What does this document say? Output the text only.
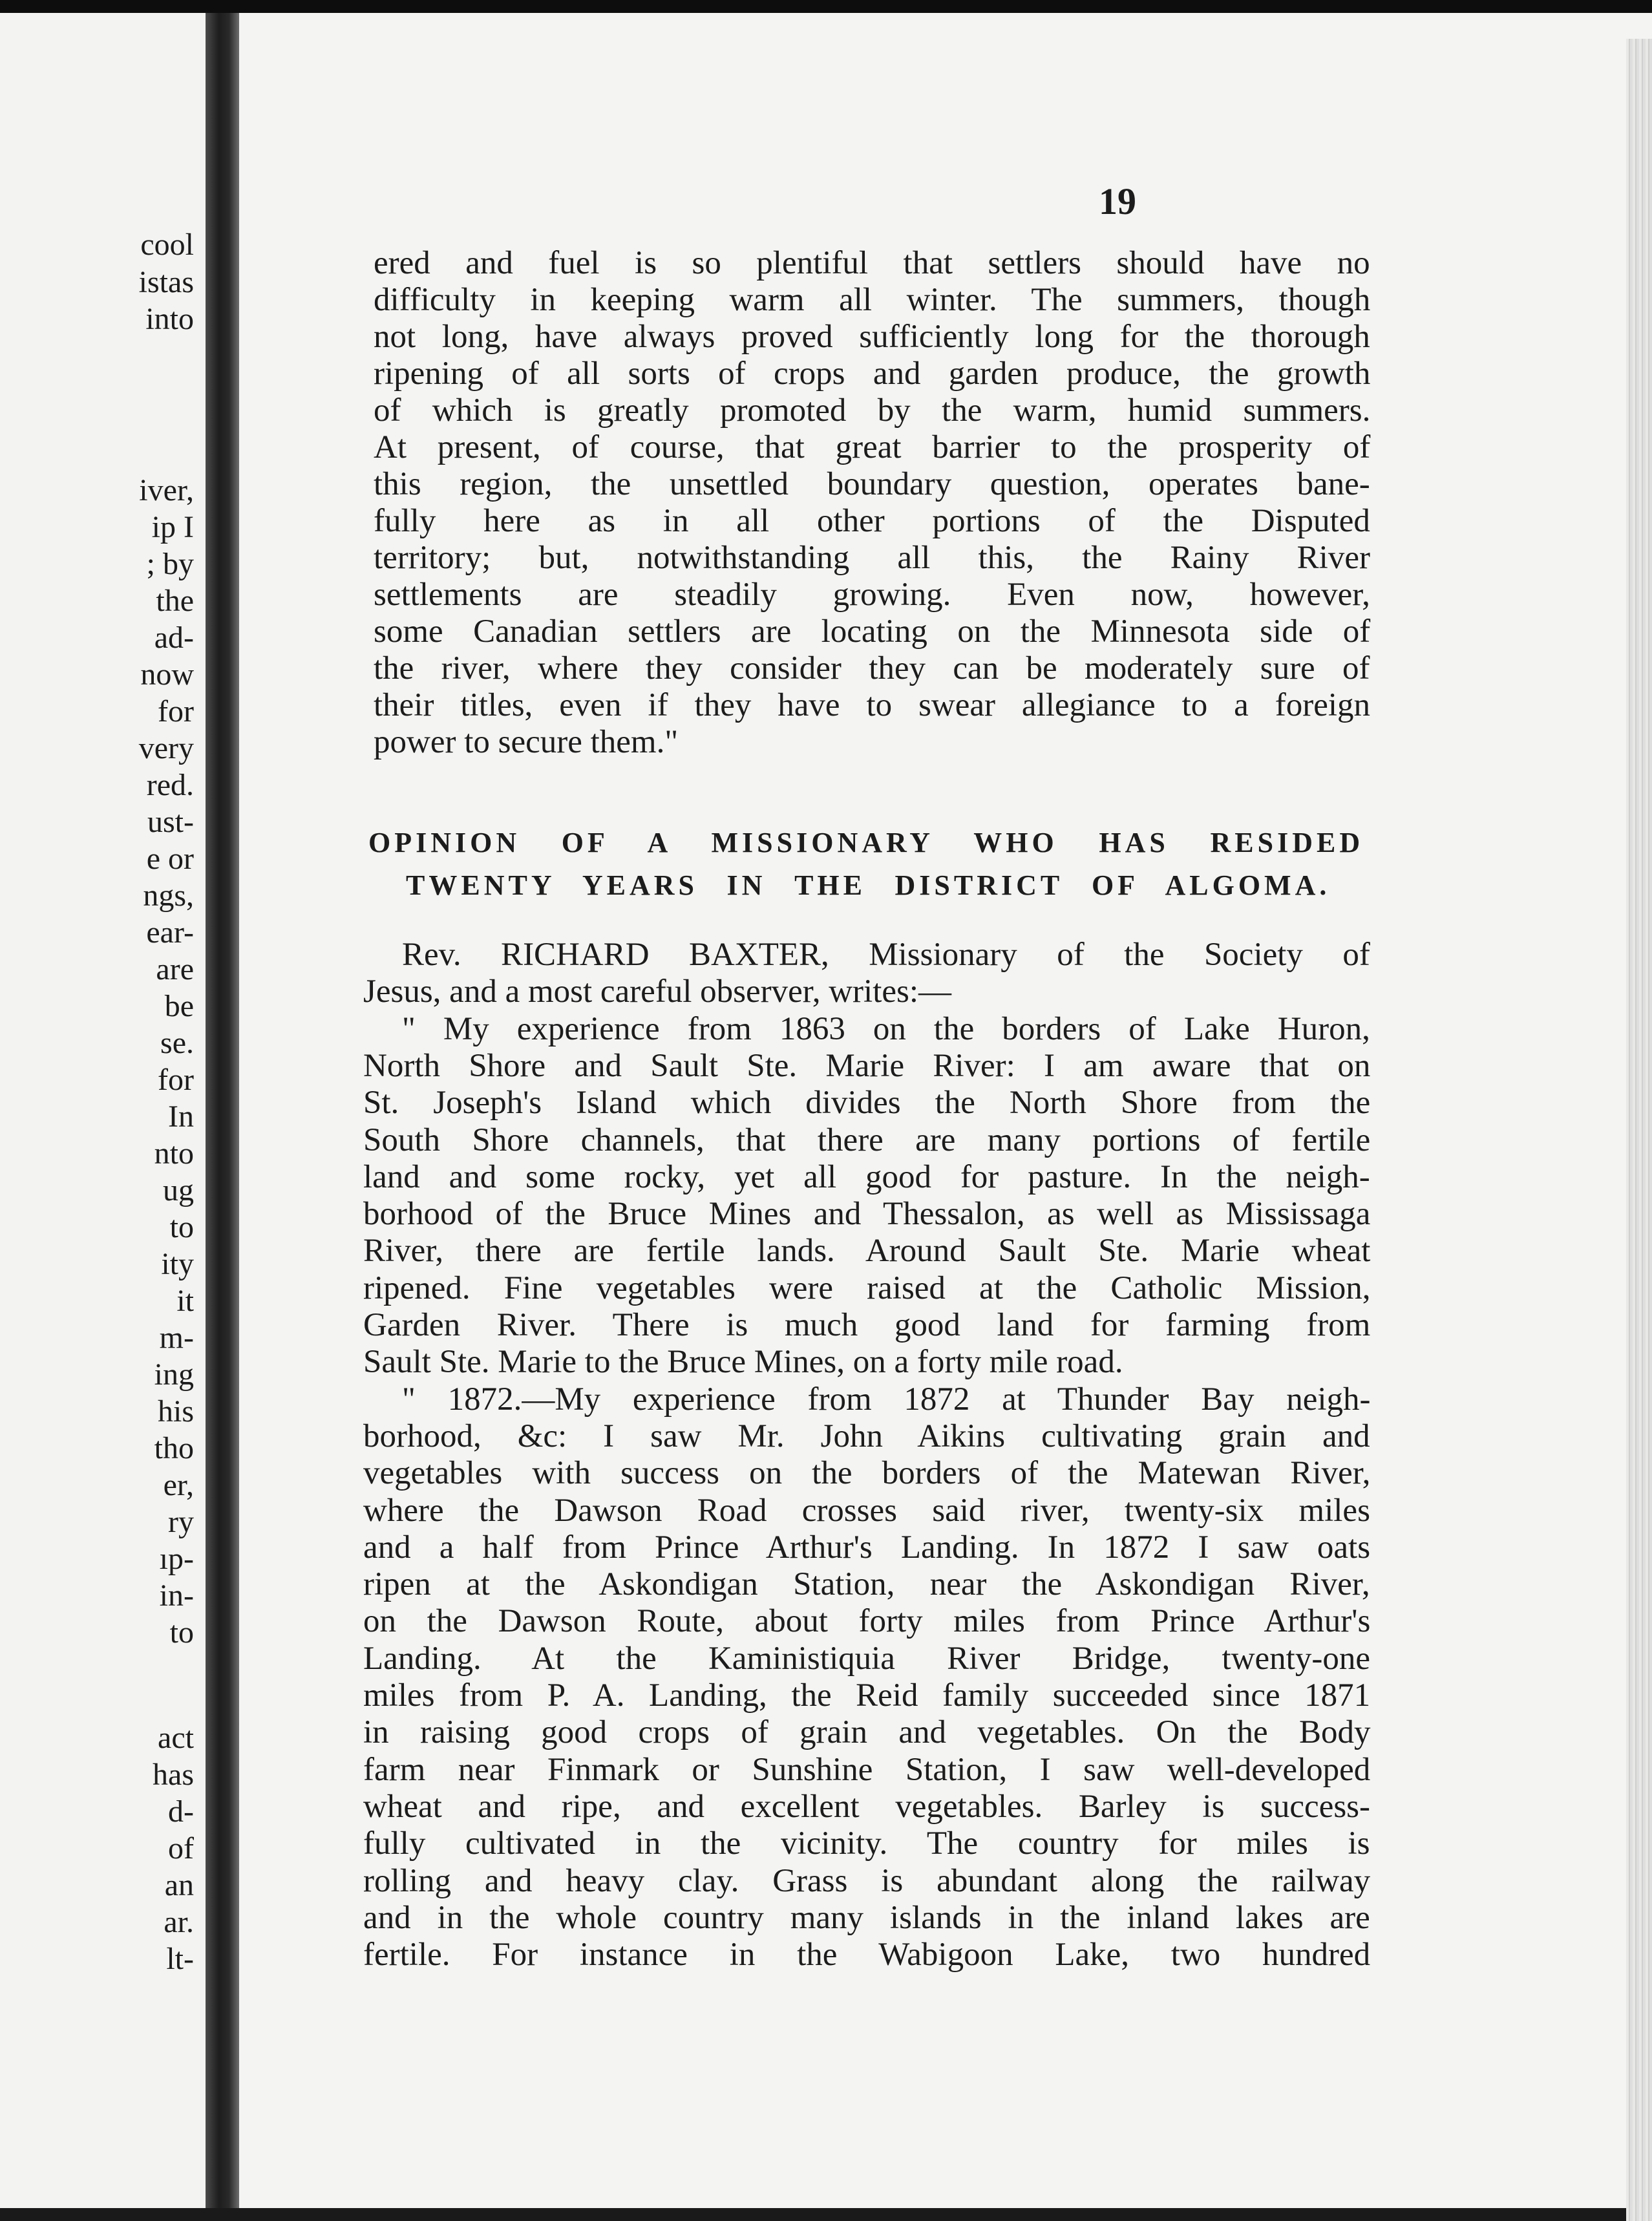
cool
istas
into
iver,
ip I
; by
the
ad-
now
for
very
red.
ust-
e or
ngs,
ear-
are
be
se.
for
In
nto
ug
to
ity
it
m-
ing
his
tho
er,
ry
ıp-
in-
to
act
has
d-
of
an
ar.
lt-
19
ered and fuel is so plentiful that settlers should have no
difficulty in keeping warm all winter. The summers, though
not long, have always proved sufficiently long for the thorough
ripening of all sorts of crops and garden produce, the growth
of which is greatly promoted by the warm, humid summers.
At present, of course, that great barrier to the prosperity of
this region, the unsettled boundary question, operates bane-
fully here as in all other portions of the Disputed
territory; but, notwithstanding all this, the Rainy River
settlements are steadily growing. Even now, however,
some Canadian settlers are locating on the Minnesota side of
the river, where they consider they can be moderately sure of
their titles, even if they have to swear allegiance to a foreign
power to secure them."
OPINION OF A MISSIONARY WHO HAS RESIDED
TWENTY YEARS IN THE DISTRICT OF ALGOMA.
Rev. RICHARD BAXTER, Missionary of the Society of
Jesus, and a most careful observer, writes:—
" My experience from 1863 on the borders of Lake Huron,
North Shore and Sault Ste. Marie River: I am aware that on
St. Joseph's Island which divides the North Shore from the
South Shore channels, that there are many portions of fertile
land and some rocky, yet all good for pasture. In the neigh-
borhood of the Bruce Mines and Thessalon, as well as Mississaga
River, there are fertile lands. Around Sault Ste. Marie wheat
ripened. Fine vegetables were raised at the Catholic Mission,
Garden River. There is much good land for farming from
Sault Ste. Marie to the Bruce Mines, on a forty mile road.
" 1872.—My experience from 1872 at Thunder Bay neigh-
borhood, &c: I saw Mr. John Aikins cultivating grain and
vegetables with success on the borders of the Matewan River,
where the Dawson Road crosses said river, twenty-six miles
and a half from Prince Arthur's Landing. In 1872 I saw oats
ripen at the Askondigan Station, near the Askondigan River,
on the Dawson Route, about forty miles from Prince Arthur's
Landing. At the Kaministiquia River Bridge, twenty-one
miles from P. A. Landing, the Reid family succeeded since 1871
in raising good crops of grain and vegetables. On the Body
farm near Finmark or Sunshine Station, I saw well-developed
wheat and ripe, and excellent vegetables. Barley is success-
fully cultivated in the vicinity. The country for miles is
rolling and heavy clay. Grass is abundant along the railway
and in the whole country many islands in the inland lakes are
fertile. For instance in the Wabigoon Lake, two hundred
